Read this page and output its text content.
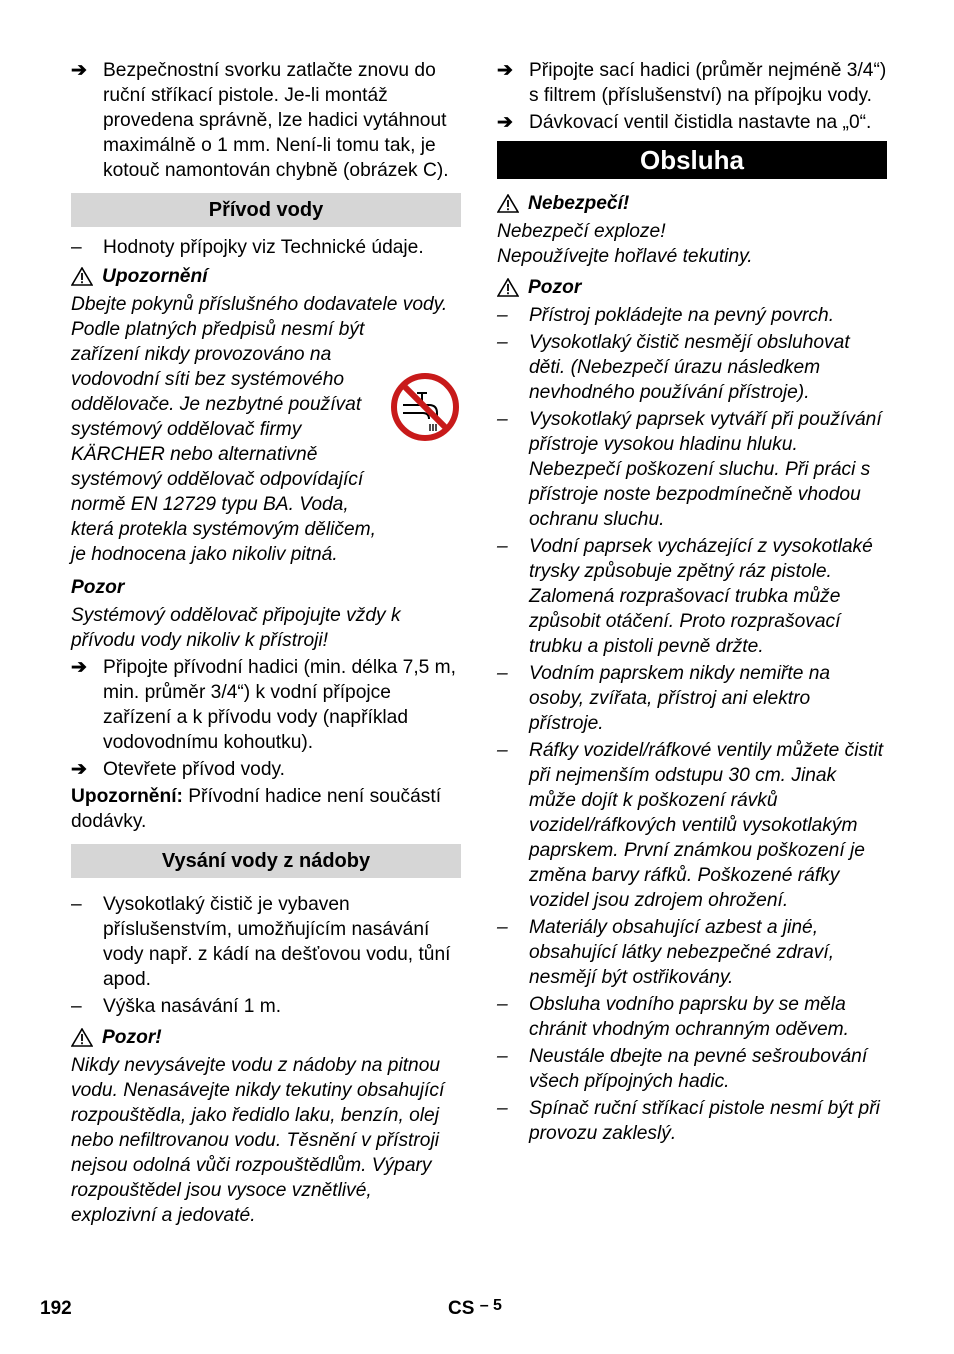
➔ Bezpečnostní svorku zatlačte znovu do ruční stříkací pistole. Je-li montáž provedena správně, lze hadici vytáhnout maximálně o 1 mm. Není-li tomu tak, je kotouč namontován chybně (obrázek C).

Přívod vody
– Hodnoty přípojky viz Technické údaje.

Upozornění

Dbejte pokynů příslušného dodavatele vody.

Podle platných předpisů nesmí být zařízení nikdy provozováno na vodovodní síti bez systémového oddělovače. Je nezbytné používat systémový oddělovač firmy KÄRCHER nebo alternativně systémový oddělovač odpovídající normě EN 12729 typu BA. Voda, která protekla systémovým děličem, je hodnocena jako nikoliv pitná.

Pozor

Systémový oddělovač připojujte vždy k přívodu vody nikoliv k přístroji!

➔ Připojte přívodní hadici (min. délka 7,5 m, min. průměr 3/4“) k vodní přípojce zařízení a k přívodu vody (například vodovodnímu kohoutku).

➔ Otevřete přívod vody.

Upozornění: Přívodní hadice není součástí dodávky.

Vysání vody z nádoby
– Vysokotlaký čistič je vybaven příslušenstvím, umožňujícím nasávání vody např. z kádí na dešťovou vodu, tůní apod.

– Výška nasávání 1 m.

Pozor!

Nikdy nevysávejte vodu z nádoby na pitnou vodu. Nenasávejte nikdy tekutiny obsahující rozpouštědla, jako ředidlo laku, benzín, olej nebo nefiltrovanou vodu. Těsnění v přístroji nejsou odolná vůči rozpouštědlům. Výpary rozpouštědel jsou vysoce vznětlivé, explozivní a jedovaté.

➔ Připojte sací hadici (průměr nejméně 3/4“) s filtrem (příslušenství) na přípojku vody.

➔ Dávkovací ventil čistidla nastavte na „0“.

Obsluha
Nebezpečí!

Nebezpečí exploze!

Nepoužívejte hořlavé tekutiny.

Pozor
– Přístroj pokládejte na pevný povrch.

– Vysokotlaký čistič nesmějí obsluhovat děti. (Nebezpečí úrazu následkem nevhodného používání přístroje).

– Vysokotlaký paprsek vytváří při používání přístroje vysokou hladinu hluku. Nebezpečí poškození sluchu. Při práci s přístroje noste bezpodmínečně vhodou ochranu sluchu.

– Vodní paprsek vycházející z vysokotlaké trysky způsobuje zpětný ráz pistole. Zalomená rozprašovací trubka může způsobit otáčení. Proto rozprašovací trubku a pistoli pevně držte.

– Vodním paprskem nikdy nemiřte na osoby, zvířata, přístroj ani elektro přístroje.

– Ráfky vozidel/ráfkové ventily můžete čistit při nejmenším odstupu 30 cm. Jinak může dojít k poškození rávků vozidel/ráfkových ventilů vysokotlakým paprskem. První známkou poškození je změna barvy ráfků. Poškozené ráfky vozidel jsou zdrojem ohrožení.

– Materiály obsahující azbest a jiné, obsahující látky nebezpečné zdraví, nesmějí být ostřikovány.

– Obsluha vodního paprsku by se měla chránit vhodným ochranným oděvem.

– Neustále dbejte na pevné sešroubování všech přípojných hadic.

– Spínač ruční stříkací pistole nesmí být při provozu zakleslý.

192	CS $^{- 5}$
